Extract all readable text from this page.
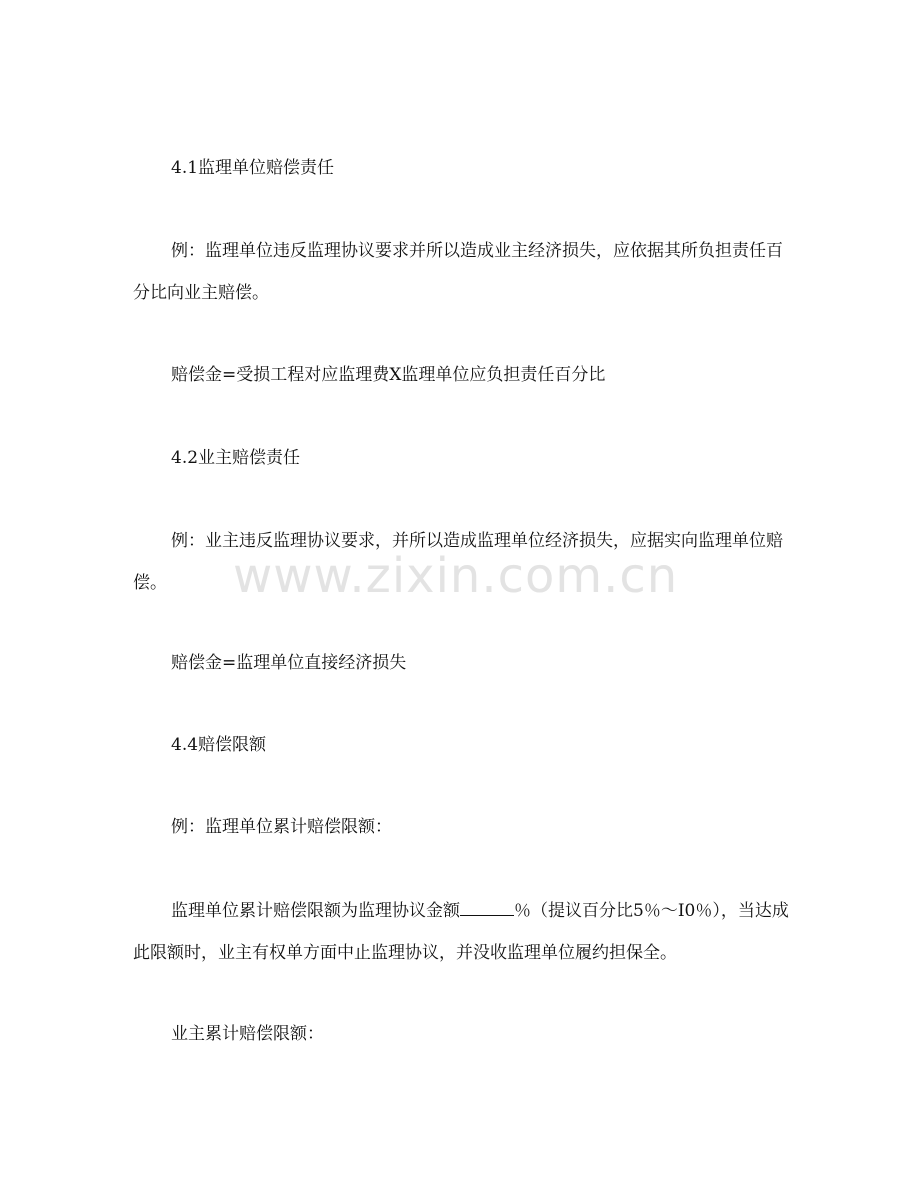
www.zixin.com.cn

4.1监理单位赔偿责任

例：监理单位违反监理协议要求并所以造成业主经济损失，应依据其所负担责任百分比向业主赔偿。

赔偿金=受损工程对应监理费X监理单位应负担责任百分比

4.2业主赔偿责任

例：业主违反监理协议要求，并所以造成监理单位经济损失，应据实向监理单位赔偿。

赔偿金=监理单位直接经济损失

4.4赔偿限额

例：监理单位累计赔偿限额：

监理单位累计赔偿限额为监理协议金额	％（提议百分比5％～I0％），当达成此限额时，业主有权单方面中止监理协议，并没收监理单位履约担保全。

业主累计赔偿限额：
